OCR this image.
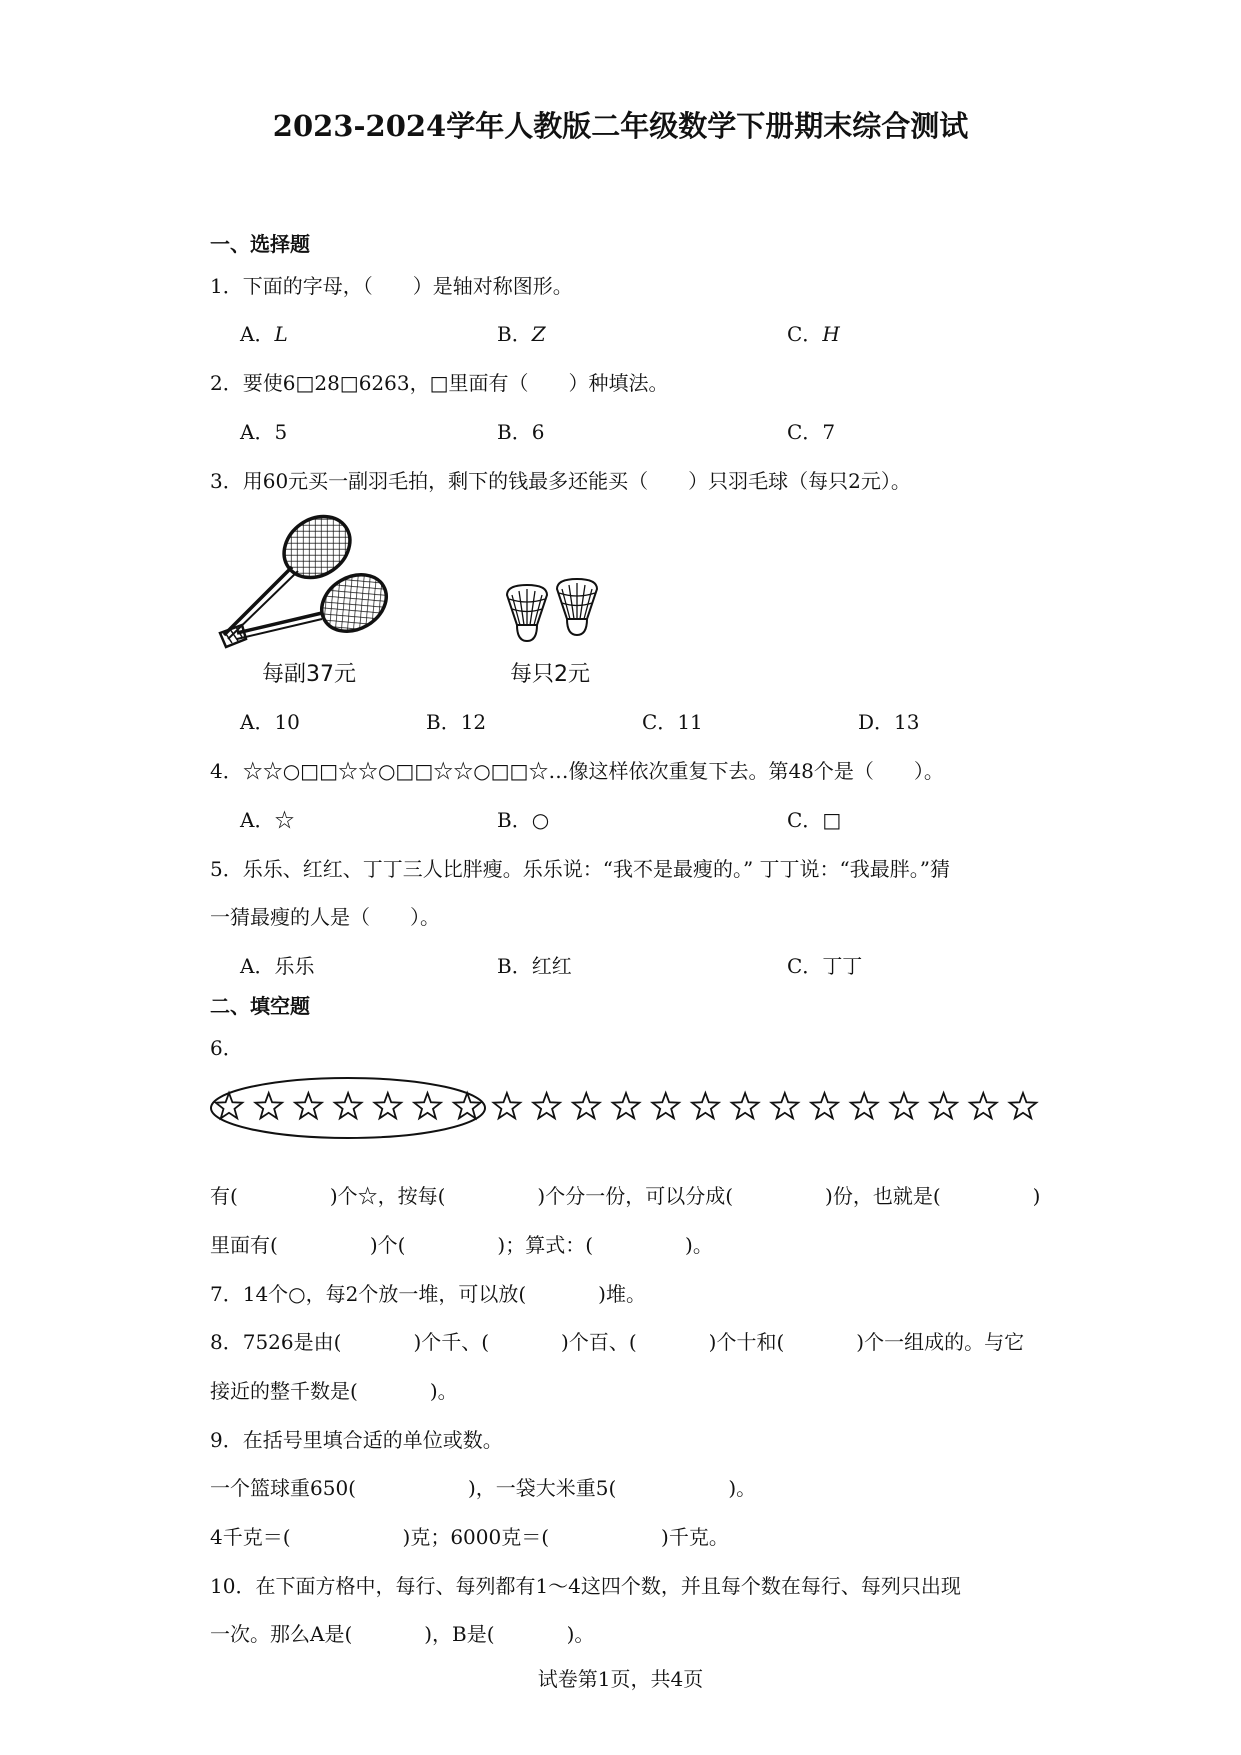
2023-2024学年人教版二年级数学下册期末综合测试
一、选择题
1．下面的字母，（　　）是轴对称图形。
A．L	B．Z	C．H
2．要使6□28□6263，□里面有（　　）种填法。
A．5	B．6	C．7
3．用60元买一副羽毛拍，剩下的钱最多还能买（　　）只羽毛球（每只2元）。
每副37元	每只2元
A．10	B．12	C．11	D．13
4．☆☆○□□☆☆○□□☆☆○□□☆…像这样依次重复下去。第48个是（　　）。
A．☆	B．○	C．□
5．乐乐、红红、丁丁三人比胖瘦。乐乐说：“我不是最瘦的。” 丁丁说：“我最胖。”猜
一猜最瘦的人是（　　）。
A．乐乐	B．红红	C．丁丁
二、填空题
6．
有(	)个☆，按每(	)个分一份，可以分成(	)份，也就是(	)
里面有(	)个(	)；算式：(	)。
7．14个○，每2个放一堆，可以放(	)堆。
8．7526是由(	)个千、(	)个百、(	)个十和(	)个一组成的。与它
接近的整千数是(	)。
9．在括号里填合适的单位或数。
一个篮球重650(	)，一袋大米重5(	)。
4千克＝(	)克；6000克＝(	)千克。
10．在下面方格中，每行、每列都有1～4这四个数，并且每个数在每行、每列只出现
一次。那么A是(	)，B是(	)。
试卷第1页，共4页
